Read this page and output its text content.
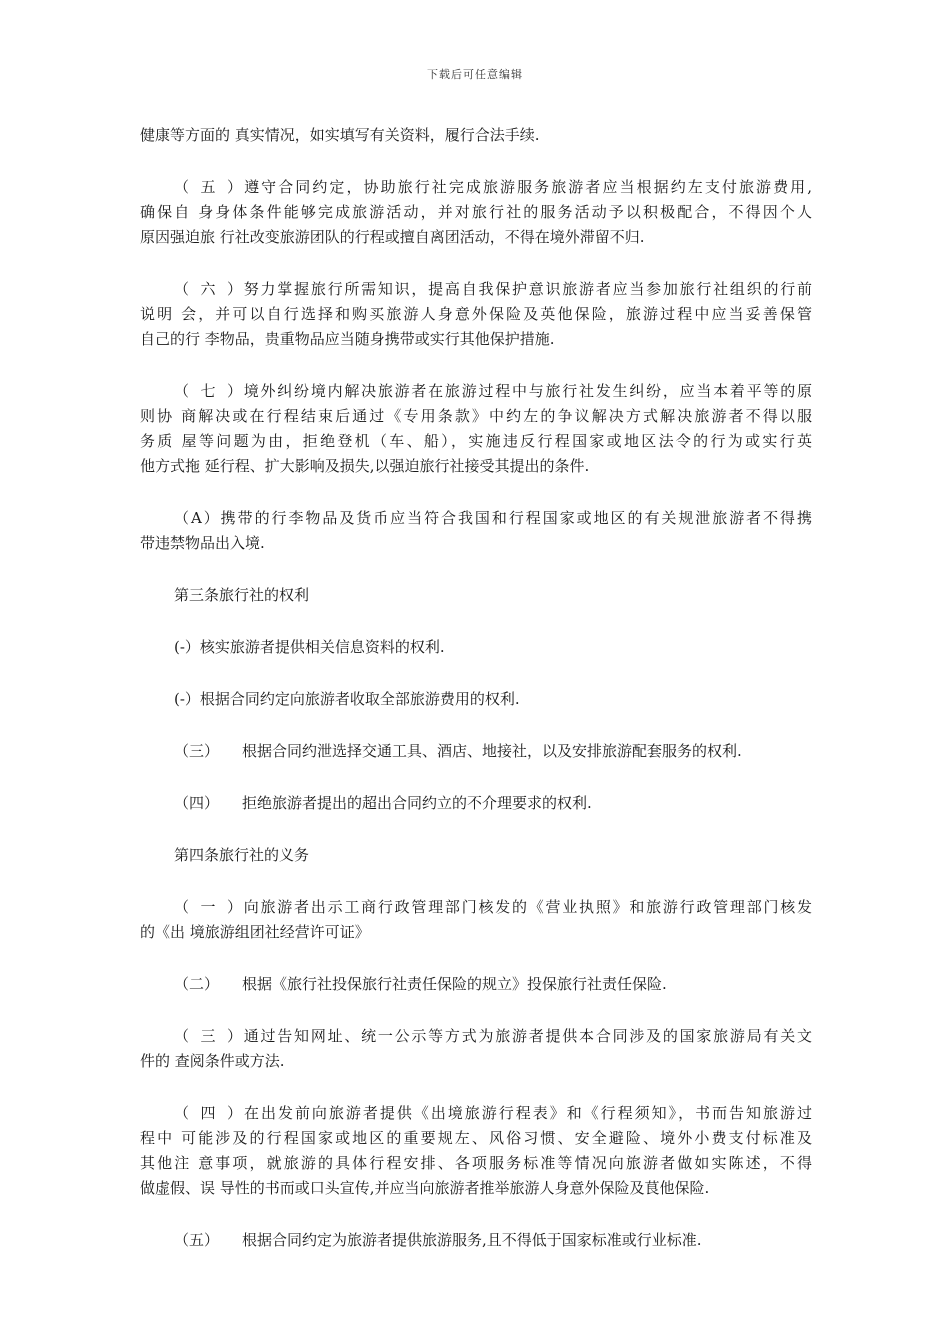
下载后可任意编辑
健康等方面的 真实情况，如实填写有关资料，履行合法手续.
（五）遵守合同约定，协助旅行社完成旅游服务旅游者应当根据约左支付旅游费用,
确保自 身身体条件能够完成旅游活动，并对旅行社的服务活动予以积极配合，不得因个人
原因强迫旅 行社改变旅游团队的行程或擅自离团活动，不得在境外滞留不归.
（六）努力掌握旅行所需知识，提高自我保护意识旅游者应当参加旅行社组织的行前
说明 会，并可以自行选择和购买旅游人身意外保险及英他保险，旅游过程中应当妥善保管
自己的行 李物品，贵重物品应当随身携带或实行其他保护措施.
（七）境外纠纷境内解决旅游者在旅游过程中与旅行社发生纠纷，应当本着平等的原
则协 商解决或在行程结束后通过《专用条款》中约左的争议解决方式解决旅游者不得以服
务质 屋等问题为由，拒绝登机（车、船），实施违反行程国家或地区法令的行为或实行英
他方式拖 延行程、扩大影响及损失,以强迫旅行社接受其提出的条件.
（A）携带的行李物品及货币应当符合我国和行程国家或地区的有关规泄旅游者不得携
带违禁物品出入境.
第三条旅行社的权利
(-）核实旅游者提供相关信息资料的权利.
(-）根据合同约定向旅游者收取全部旅游费用的权利.
（三） 根据合同约泄选择交通工具、酒店、地接社，以及安排旅游配套服务的权利.
（四） 拒绝旅游者提出的超出合同约立的不介理要求的权利.
第四条旅行社的义务
（一）向旅游者出示工商行政管理部门核发的《营业执照》和旅游行政管理部门核发
的《出 境旅游组团社经营许可证》
（二） 根据《旅行社投保旅行社责任保险的规立》投保旅行社责任保险.
（三）通过告知网址、统一公示等方式为旅游者提供本合同涉及的国家旅游局有关文
件的 查阅条件或方法.
（四）在出发前向旅游者提供《出境旅游行程表》和《行程须知》，书而告知旅游过
程中 可能涉及的行程国家或地区的重要规左、风俗习惯、安全避险、境外小费支付标准及
其他注 意事项，就旅游的具体行程安排、各项服务标准等情况向旅游者做如实陈述，不得
做虚假、误 导性的书而或口头宣传,并应当向旅游者推举旅游人身意外保险及茛他保险.
（五） 根据合同约定为旅游者提供旅游服务,且不得低于国家标准或行业标准.
